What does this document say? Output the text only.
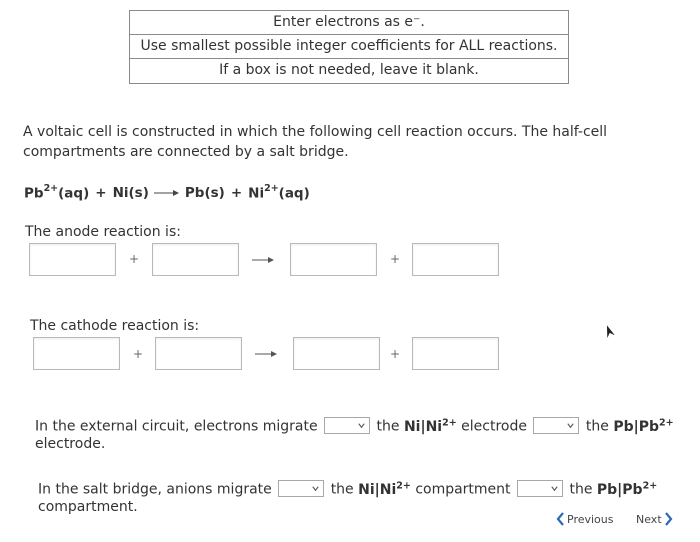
Enter electrons as e⁻.
Use smallest possible integer coefficients for ALL reactions.
If a box is not needed, leave it blank.
A voltaic cell is constructed in which the following cell reaction occurs. The half-cell compartments are connected by a salt bridge.
$Pb^{2+}(aq) + Ni(s) \to Pb(s) + Ni^{2+}(aq)$
The anode reaction is:
+	+
The cathode reaction is:
+	+
In the external circuit, electrons migrate	the $Ni|Ni^{2+}$ electrode	the $Pb|Pb^{2+}$
electrode.
In the salt bridge, anions migrate	the $Ni|Ni^{2+}$ compartment	the $Pb|Pb^{2+}$
compartment.
Previous Next
